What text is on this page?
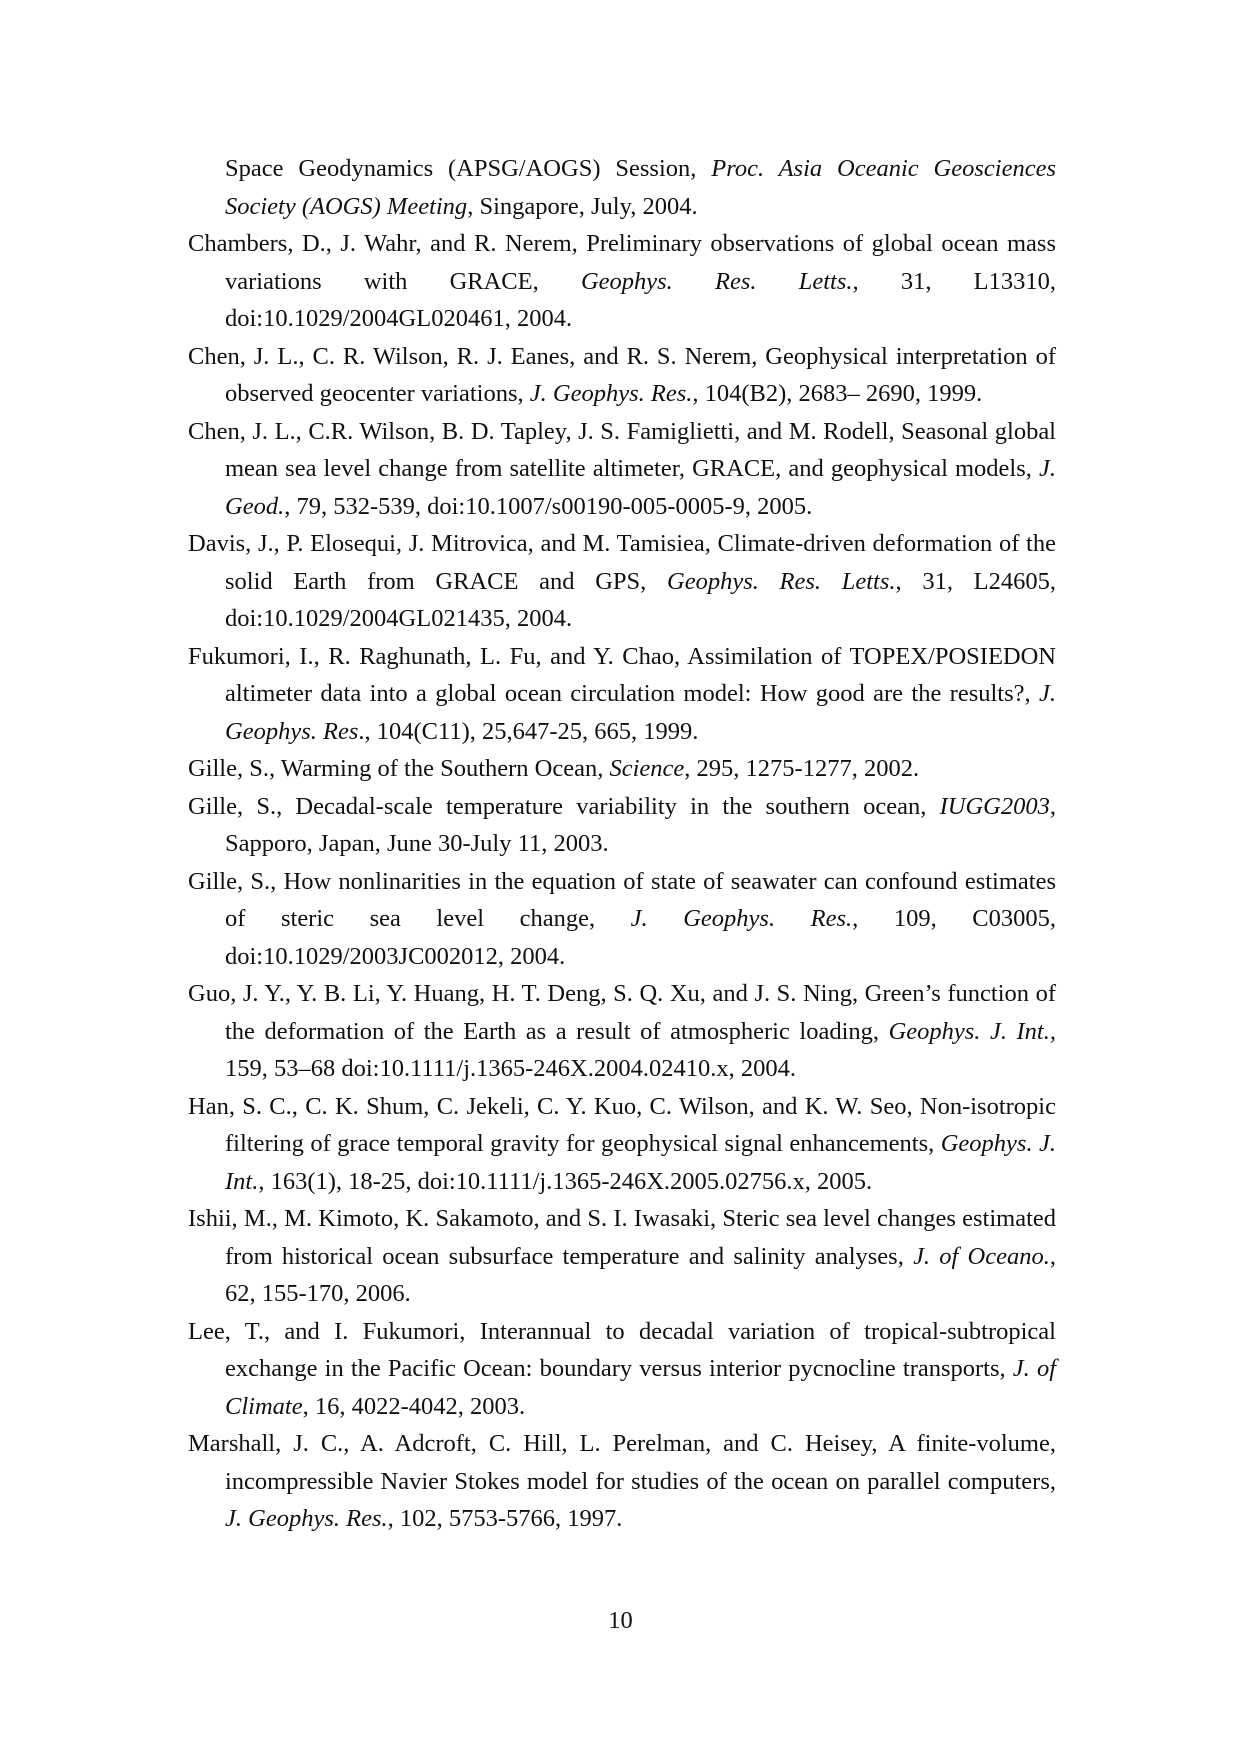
Space Geodynamics (APSG/AOGS) Session, Proc. Asia Oceanic Geosciences Society (AOGS) Meeting, Singapore, July, 2004.

Chambers, D., J. Wahr, and R. Nerem, Preliminary observations of global ocean mass variations with GRACE, Geophys. Res. Letts., 31, L13310, doi:10.1029/2004GL020461, 2004.

Chen, J. L., C. R. Wilson, R. J. Eanes, and R. S. Nerem, Geophysical interpretation of observed geocenter variations, J. Geophys. Res., 104(B2), 2683– 2690, 1999.

Chen, J. L., C.R. Wilson, B. D. Tapley, J. S. Famiglietti, and M. Rodell, Seasonal global mean sea level change from satellite altimeter, GRACE, and geophysical models, J. Geod., 79, 532-539, doi:10.1007/s00190-005-0005-9, 2005.

Davis, J., P. Elosequi, J. Mitrovica, and M. Tamisiea, Climate-driven deformation of the solid Earth from GRACE and GPS, Geophys. Res. Letts., 31, L24605, doi:10.1029/2004GL021435, 2004.

Fukumori, I., R. Raghunath, L. Fu, and Y. Chao, Assimilation of TOPEX/POSIEDON altimeter data into a global ocean circulation model: How good are the results?, J. Geophys. Res., 104(C11), 25,647-25, 665, 1999.

Gille, S., Warming of the Southern Ocean, Science, 295, 1275-1277, 2002.

Gille, S., Decadal-scale temperature variability in the southern ocean, IUGG2003, Sapporo, Japan, June 30-July 11, 2003.

Gille, S., How nonlinarities in the equation of state of seawater can confound estimates of steric sea level change, J. Geophys. Res., 109, C03005, doi:10.1029/2003JC002012, 2004.

Guo, J. Y., Y. B. Li, Y. Huang, H. T. Deng, S. Q. Xu, and J. S. Ning, Green’s function of the deformation of the Earth as a result of atmospheric loading, Geophys. J. Int., 159, 53–68 doi:10.1111/j.1365-246X.2004.02410.x, 2004.

Han, S. C., C. K. Shum, C. Jekeli, C. Y. Kuo, C. Wilson, and K. W. Seo, Non-isotropic filtering of grace temporal gravity for geophysical signal enhancements, Geophys. J. Int., 163(1), 18-25, doi:10.1111/j.1365-246X.2005.02756.x, 2005.

Ishii, M., M. Kimoto, K. Sakamoto, and S. I. Iwasaki, Steric sea level changes estimated from historical ocean subsurface temperature and salinity analyses, J. of Oceano., 62, 155-170, 2006.

Lee, T., and I. Fukumori, Interannual to decadal variation of tropical-subtropical exchange in the Pacific Ocean: boundary versus interior pycnocline transports, J. of Climate, 16, 4022-4042, 2003.

Marshall, J. C., A. Adcroft, C. Hill, L. Perelman, and C. Heisey, A finite-volume, incompressible Navier Stokes model for studies of the ocean on parallel computers, J. Geophys. Res., 102, 5753-5766, 1997.

10
